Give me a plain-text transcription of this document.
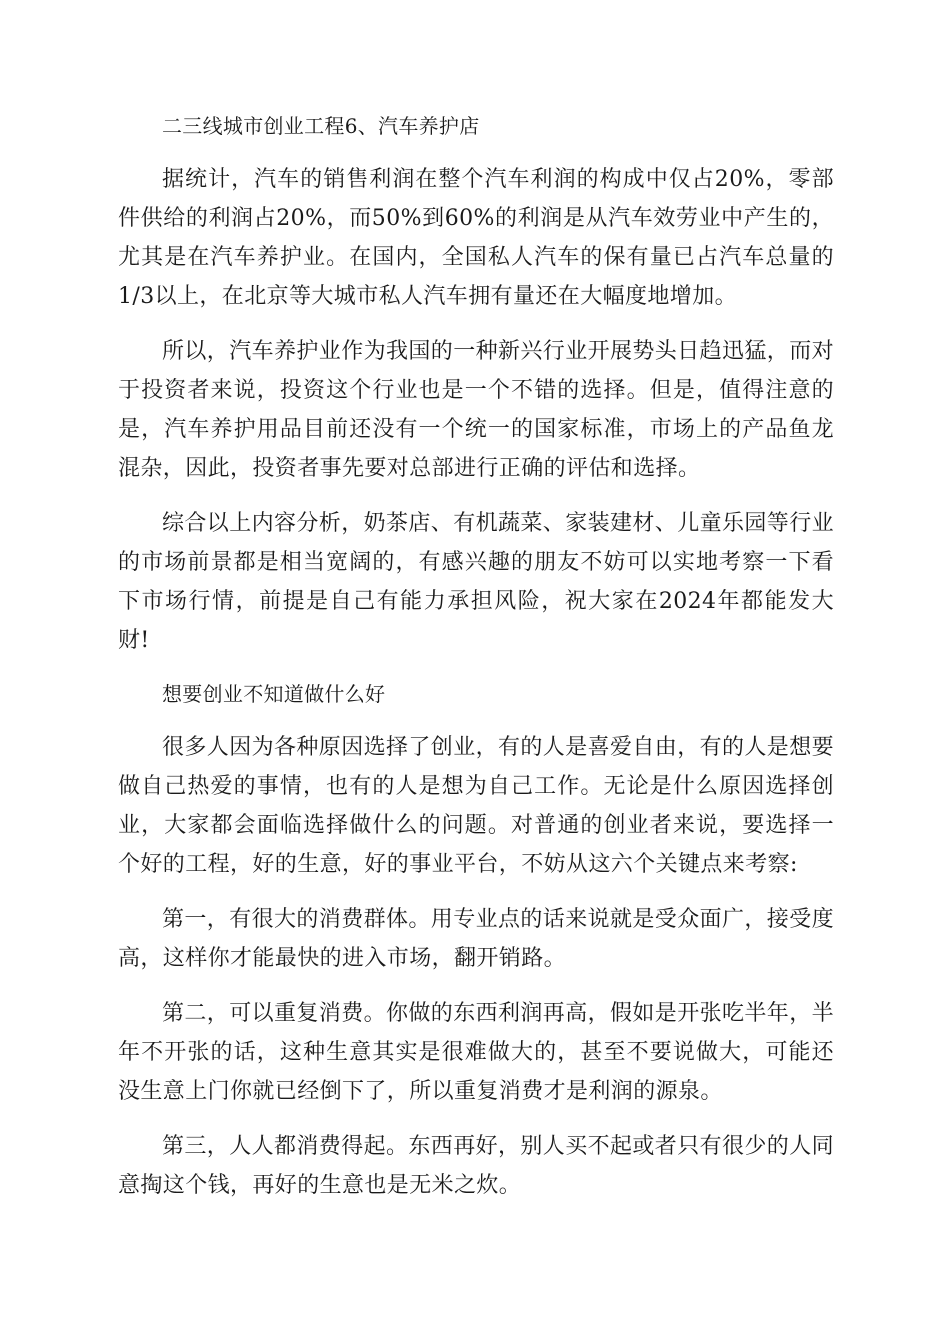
二三线城市创业工程6、汽车养护店

据统计，汽车的销售利润在整个汽车利润的构成中仅占20%，零部件供给的利润占20%，而50%到60%的利润是从汽车效劳业中产生的，尤其是在汽车养护业。在国内，全国私人汽车的保有量已占汽车总量的1/3以上，在北京等大城市私人汽车拥有量还在大幅度地增加。

所以，汽车养护业作为我国的一种新兴行业开展势头日趋迅猛，而对于投资者来说，投资这个行业也是一个不错的选择。但是，值得注意的是，汽车养护用品目前还没有一个统一的国家标准，市场上的产品鱼龙混杂，因此，投资者事先要对总部进行正确的评估和选择。

综合以上内容分析，奶茶店、有机蔬菜、家装建材、儿童乐园等行业的市场前景都是相当宽阔的，有感兴趣的朋友不妨可以实地考察一下看下市场行情，前提是自己有能力承担风险，祝大家在2024年都能发大财!

想要创业不知道做什么好

很多人因为各种原因选择了创业，有的人是喜爱自由，有的人是想要做自己热爱的事情，也有的人是想为自己工作。无论是什么原因选择创业，大家都会面临选择做什么的问题。对普通的创业者来说，要选择一个好的工程，好的生意，好的事业平台，不妨从这六个关键点来考察:

第一，有很大的消费群体。用专业点的话来说就是受众面广，接受度高，这样你才能最快的进入市场，翻开销路。

第二，可以重复消费。你做的东西利润再高，假如是开张吃半年，半年不开张的话，这种生意其实是很难做大的，甚至不要说做大，可能还没生意上门你就已经倒下了，所以重复消费才是利润的源泉。

第三，人人都消费得起。东西再好，别人买不起或者只有很少的人同意掏这个钱，再好的生意也是无米之炊。
